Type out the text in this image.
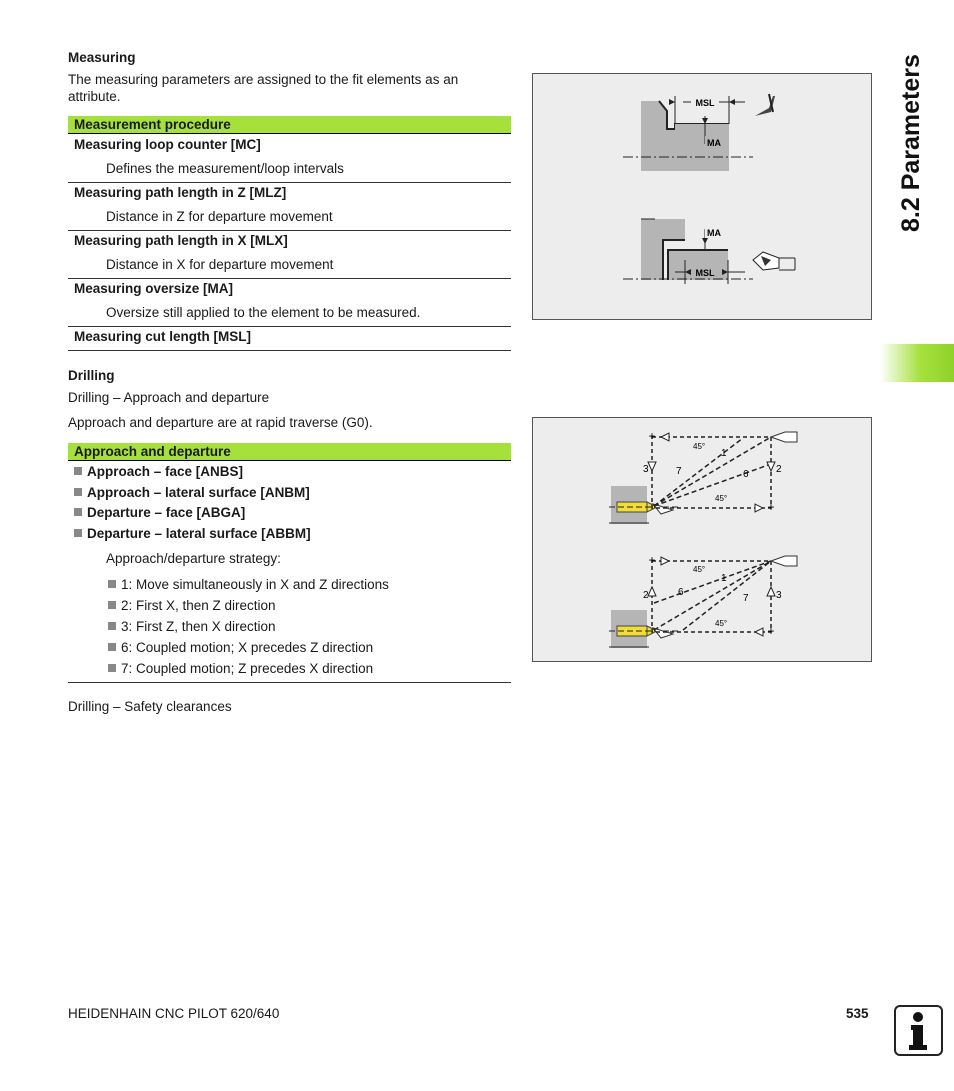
Measuring
The measuring parameters are assigned to the fit elements as an
attribute.
Measurement procedure
Measuring loop counter [MC]
Defines the measurement/loop intervals
Measuring path length in Z [MLZ]
Distance in Z for departure movement
Measuring path length in X [MLX]
Distance in X for departure movement
Measuring oversize [MA]
Oversize still applied to the element to be measured.
Measuring cut length [MSL]
MSL
MA
MA
MSL
Drilling
Drilling – Approach and departure
Approach and departure are at rapid traverse (G0).
Approach and departure
Approach – face [ANBS]
Approach – lateral surface [ANBM]
Departure – face [ABGA]
Departure – lateral surface [ABBM]
Approach/departure strategy:
1: Move simultaneously in X and Z directions
2: First X, then Z direction
3: First Z, then X direction
6: Coupled motion; X precedes Z direction
7: Coupled motion; Z precedes X direction
Drilling – Safety clearances
+
+
3	2
1
6
7
45°
45°
+
+
2	3
1
6
7
45°
45°
8.2 Parameters
HEIDENHAIN CNC PILOT 620/640	535
